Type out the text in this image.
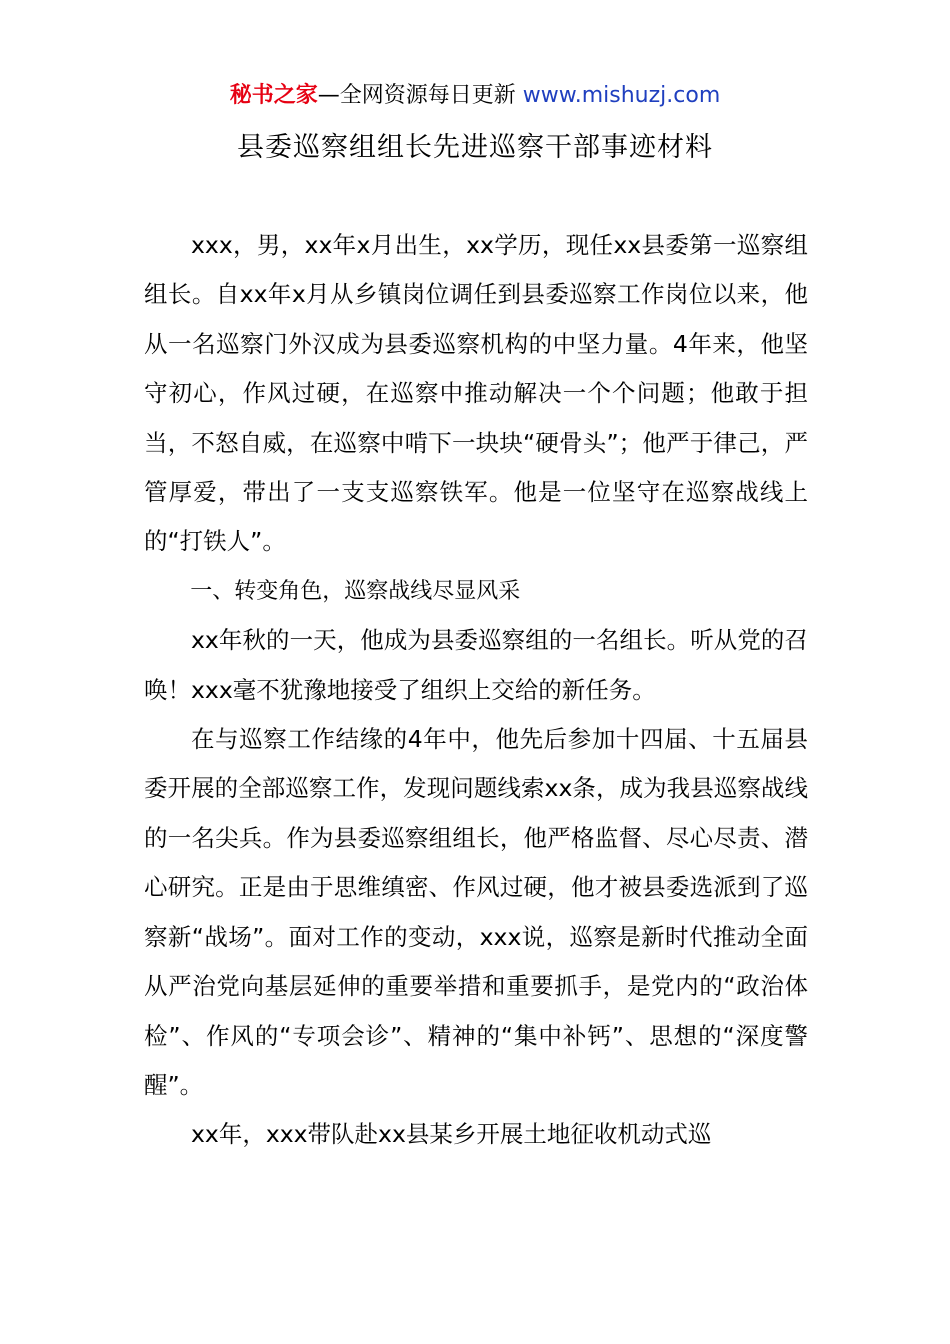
秘书之家—全网资源每日更新 www.mishuzj.com
县委巡察组组长先进巡察干部事迹材料

xxx，男，xx年x月出生，xx学历，现任xx县委第一巡察组组长。自xx年x月从乡镇岗位调任到县委巡察工作岗位以来，他从一名巡察门外汉成为县委巡察机构的中坚力量。4年来，他坚守初心，作风过硬，在巡察中推动解决一个个问题；他敢于担当，不怒自威，在巡察中啃下一块块“硬骨头”；他严于律己，严管厚爱，带出了一支支巡察铁军。他是一位坚守在巡察战线上的“打铁人”。

一、转变角色，巡察战线尽显风采

xx年秋的一天，他成为县委巡察组的一名组长。听从党的召唤！xxx毫不犹豫地接受了组织上交给的新任务。

在与巡察工作结缘的4年中，他先后参加十四届、十五届县委开展的全部巡察工作，发现问题线索xx条，成为我县巡察战线的一名尖兵。作为县委巡察组组长，他严格监督、尽心尽责、潜心研究。正是由于思维缜密、作风过硬，他才被县委选派到了巡察新“战场”。面对工作的变动，xxx说，巡察是新时代推动全面从严治党向基层延伸的重要举措和重要抓手，是党内的“政治体检”、作风的“专项会诊”、精神的“集中补钙”、思想的“深度警醒”。

xx年，xxx带队赴xx县某乡开展土地征收机动式巡
